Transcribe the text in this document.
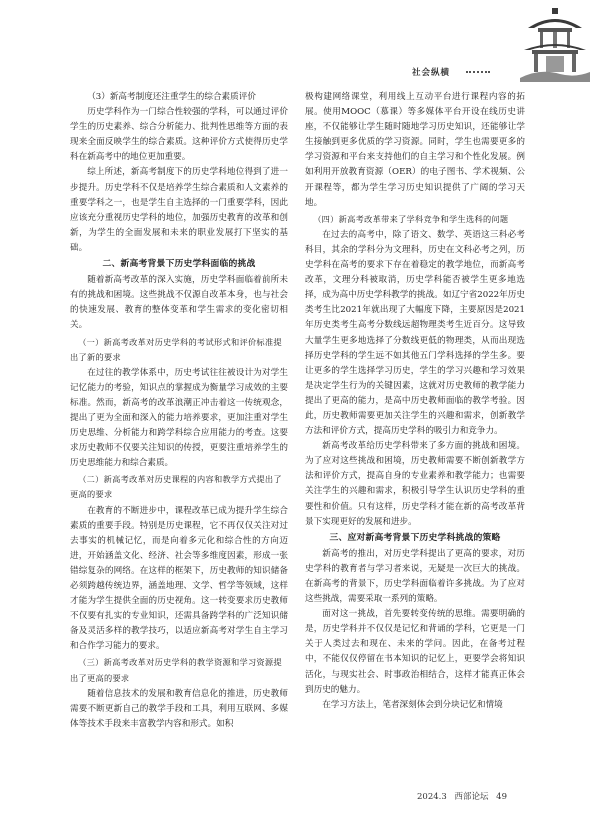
社会纵横

（3）新高考制度还注重学生的综合素质评价

历史学科作为一门综合性较强的学科，可以通过评价学生的历史素养、综合分析能力、批判性思维等方面的表现来全面反映学生的综合素质。这种评价方式使得历史学科在新高考中的地位更加重要。

综上所述，新高考制度下的历史学科地位得到了进一步提升。历史学科不仅是培养学生综合素质和人文素养的重要学科之一，也是学生自主选择的一门重要学科，因此应该充分重视历史学科的地位，加强历史教育的改革和创新，为学生的全面发展和未来的职业发展打下坚实的基础。

二、新高考背景下历史学科面临的挑战

随着新高考改革的深入实施，历史学科面临着前所未有的挑战和困境。这些挑战不仅源自改革本身，也与社会的快速发展、教育的整体变革和学生需求的变化密切相关。

（一）新高考改革对历史学科的考试形式和评价标准提出了新的要求

在过往的教学体系中，历史考试往往被设计为对学生记忆能力的考验，知识点的掌握成为衡量学习成效的主要标准。然而，新高考的改革浪潮正冲击着这一传统观念，提出了更为全面和深入的能力培养要求，更加注重对学生历史思维、分析能力和跨学科综合应用能力的考查。这要求历史教师不仅要关注知识的传授，更要注重培养学生的历史思维能力和综合素质。

（二）新高考改革对历史课程的内容和教学方式提出了更高的要求

在教育的不断进步中，课程改革已成为提升学生综合素质的重要手段。特别是历史课程，它不再仅仅关注对过去事实的机械记忆，而是向着多元化和综合性的方向迈进，开始涵盖文化、经济、社会等多维度因素，形成一张错综复杂的网络。在这样的框架下，历史教师的知识储备必须跨越传统边界，涵盖地理、文学、哲学等领域，这样才能为学生提供全面的历史视角。这一转变要求历史教师不仅要有扎实的专业知识，还需具备跨学科的广泛知识储备及灵活多样的教学技巧，以适应新高考对学生自主学习和合作学习能力的要求。

（三）新高考改革对历史学科的教学资源和学习资源提出了更高的要求

随着信息技术的发展和教育信息化的推进，历史教师需要不断更新自己的教学手段和工具，利用互联网、多媒体等技术手段来丰富教学内容和形式。如积

极构建网络课堂，利用线上互动平台进行课程内容的拓展。使用MOOC（慕课）等多媒体平台开设在线历史讲座，不仅能够让学生随时随地学习历史知识，还能够让学生接触到更多优质的学习资源。同时，学生也需要更多的学习资源和平台来支持他们的自主学习和个性化发展。例如利用开放教育资源（OER）的电子图书、学术视频、公开课程等，都为学生学习历史知识提供了广阔的学习天地。

（四）新高考改革带来了学科竞争和学生选科的问题

在过去的高考中，除了语文、数学、英语这三科必考科目，其余的学科分为文理科，历史在文科必考之列，历史学科在高考的要求下存在着稳定的教学地位，而新高考改革，文理分科被取消，历史学科能否被学生更多地选择，成为高中历史学科教学的挑战。如辽宁省2022年历史类考生比2021年就出现了大幅度下降，主要原因是2021年历史类考生高考分数线远超物理类考生近百分。这导致大量学生更多地选择了分数线更低的物理类，从而出现选择历史学科的学生远不如其他五门学科选择的学生多。要让更多的学生选择学习历史，学生的学习兴趣和学习效果是决定学生行为的关键因素，这就对历史教师的教学能力提出了更高的能力，是高中历史教师面临的教学考验。因此，历史教师需要更加关注学生的兴趣和需求，创新教学方法和评价方式，提高历史学科的吸引力和竞争力。

新高考改革给历史学科带来了多方面的挑战和困境。为了应对这些挑战和困境，历史教师需要不断创新教学方法和评价方式，提高自身的专业素养和教学能力；也需要关注学生的兴趣和需求，积极引导学生认识历史学科的重要性和价值。只有这样，历史学科才能在新的高考改革背景下实现更好的发展和进步。

三、应对新高考背景下历史学科挑战的策略

新高考的推出，对历史学科提出了更高的要求，对历史学科的教育者与学习者来说，无疑是一次巨大的挑战。在新高考的背景下，历史学科面临着许多挑战。为了应对这些挑战，需要采取一系列的策略。

面对这一挑战，首先要转变传统的思维。需要明确的是，历史学科并不仅仅是记忆和背诵的学科，它更是一门关于人类过去和现在、未来的学问。因此，在备考过程中，不能仅仅停留在书本知识的记忆上，更要学会将知识活化，与现实社会、时事政治相结合，这样才能真正体会到历史的魅力。

在学习方法上，笔者深刻体会到分块记忆和情境

2024.3 西部论坛 49
